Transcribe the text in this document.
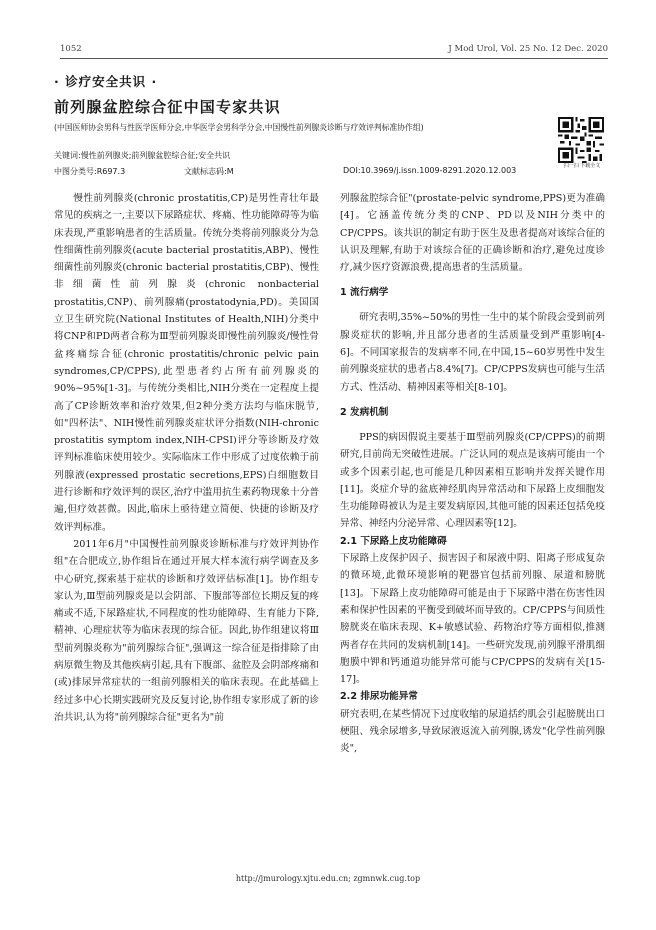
1052	J Mod Urol, Vol. 25 No. 12 Dec. 2020
· 诊疗安全共识 ·
前列腺盆腔综合征中国专家共识
(中国医师协会男科与性医学医师分会,中华医学会男科学分会,中国慢性前列腺炎诊断与疗效评判标准协作组)
扫一扫 下载全文
关键词:慢性前列腺炎;前列腺盆腔综合征;安全共识
中图分类号:R697.3	文献标志码:M	DOI:10.3969/j.issn.1009-8291.2020.12.003

慢性前列腺炎(chronic prostatitis,CP)是男性青壮年最常见的疾病之一,主要以下尿路症状、疼痛、性功能障碍等为临床表现,严重影响患者的生活质量。传统分类将前列腺炎分为急性细菌性前列腺炎(acute bacterial prostatitis,ABP)、慢性细菌性前列腺炎(chronic bacterial prostatitis,CBP)、慢性非细菌性前列腺炎(chronic nonbacterial prostatitis,CNP)、前列腺痛(prostatodynia,PD)。美国国立卫生研究院(National Institutes of Health,NIH)分类中将CNP和PD两者合称为Ⅲ型前列腺炎即慢性前列腺炎/慢性骨盆疼痛综合征(chronic prostatitis/chronic pelvic pain syndromes,CP/CPPS),此型患者约占所有前列腺炎的90%~95%[1-3]。与传统分类相比,NIH分类在一定程度上提高了CP诊断效率和治疗效果,但2种分类方法均与临床脱节,如"四杯法"、NIH慢性前列腺炎症状评分指数(NIH-chronic prostatitis symptom index,NIH-CPSI)评分等诊断及疗效评判标准临床使用较少。实际临床工作中形成了过度依赖于前列腺液(expressed prostatic secretions,EPS)白细胞数目进行诊断和疗效评判的误区,治疗中滥用抗生素药物现象十分普遍,但疗效甚微。因此,临床上亟待建立简便、快捷的诊断及疗效评判标准。

2011年6月"中国慢性前列腺炎诊断标准与疗效评判协作组"在合肥成立,协作组旨在通过开展大样本流行病学调查及多中心研究,探索基于症状的诊断和疗效评估标准[1]。协作组专家认为,Ⅲ型前列腺炎是以会阴部、下腹部等部位长期反复的疼痛或不适,下尿路症状,不同程度的性功能障碍、生育能力下降,精神、心理症状等为临床表现的综合征。因此,协作组建议将Ⅲ型前列腺炎称为"前列腺综合征",强调这一综合征是指排除了由病原微生物及其他疾病引起,具有下腹部、盆腔及会阴部疼痛和(或)排尿异常症状的一组前列腺相关的临床表现。在此基础上经过多中心长期实践研究及反复讨论,协作组专家形成了新的诊治共识,认为将"前列腺综合征"更名为"前

列腺盆腔综合征"(prostate-pelvic syndrome,PPS)更为准确[4]。它涵盖传统分类的CNP、PD以及NIH分类中的CP/CPPS。该共识的制定有助于医生及患者提高对该综合征的认识及理解,有助于对该综合征的正确诊断和治疗,避免过度诊疗,减少医疗资源浪费,提高患者的生活质量。

1 流行病学

研究表明,35%~50%的男性一生中的某个阶段会受到前列腺炎症状的影响,并且部分患者的生活质量受到严重影响[4-6]。不同国家报告的发病率不同,在中国,15~60岁男性中发生前列腺炎症状的患者占8.4%[7]。CP/CPPS发病也可能与生活方式、性活动、精神因素等相关[8-10]。

2 发病机制

PPS的病因假说主要基于Ⅲ型前列腺炎(CP/CPPS)的前期研究,目前尚无突破性进展。广泛认同的观点是该病可能由一个或多个因素引起,也可能是几种因素相互影响并发挥关键作用[11]。炎症介导的盆底神经肌肉异常活动和下尿路上皮细胞发生功能障碍被认为是主要发病原因,其他可能的因素还包括免疫异常、神经内分泌异常、心理因素等[12]。

2.1 下尿路上皮功能障碍

下尿路上皮保护因子、损害因子和尿液中阴、阳离子形成复杂的微环境,此微环境影响的靶器官包括前列腺、尿道和膀胱[13]。下尿路上皮功能障碍可能是由于下尿路中潜在伤害性因素和保护性因素的平衡受到破坏而导致的。CP/CPPS与间质性膀胱炎在临床表现、K+敏感试验、药物治疗等方面相似,推测两者存在共同的发病机制[14]。一些研究发现,前列腺平滑肌细胞膜中钾和钙通道功能异常可能与CP/CPPS的发病有关[15-17]。

2.2 排尿功能异常

研究表明,在某些情况下过度收缩的尿道括约肌会引起膀胱出口梗阻、残余尿增多,导致尿液返流入前列腺,诱发"化学性前列腺炎",

http://jmurology.xjtu.edu.cn; zgmnwk.cug.top
